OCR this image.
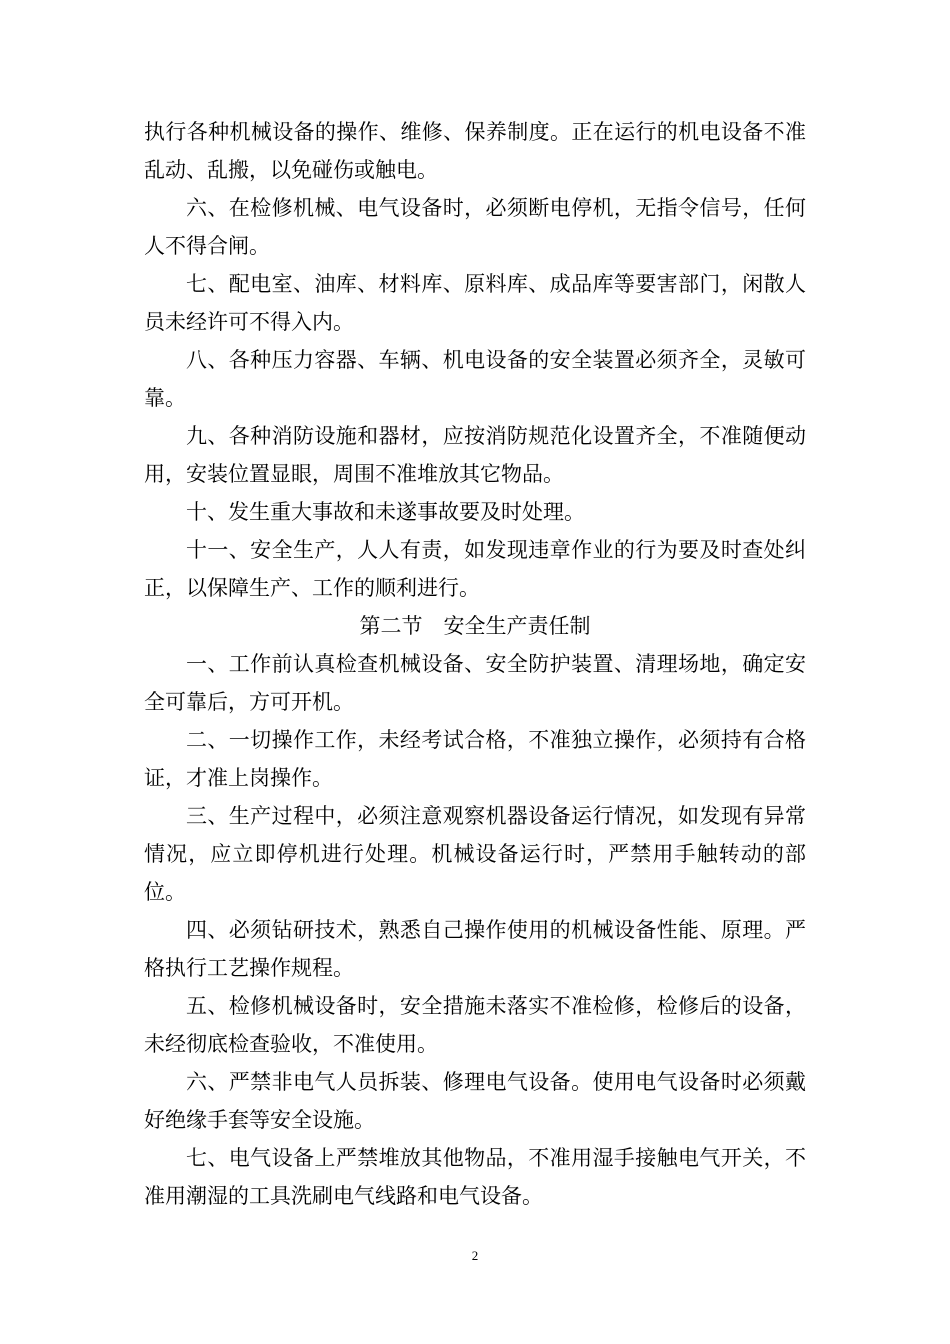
执行各种机械设备的操作、维修、保养制度。正在运行的机电设备不准乱动、乱搬，以免碰伤或触电。

六、在检修机械、电气设备时，必须断电停机，无指令信号，任何人不得合闸。

七、配电室、油库、材料库、原料库、成品库等要害部门，闲散人员未经许可不得入内。

八、各种压力容器、车辆、机电设备的安全装置必须齐全，灵敏可靠。

九、各种消防设施和器材，应按消防规范化设置齐全，不准随便动用，安装位置显眼，周围不准堆放其它物品。

十、发生重大事故和未遂事故要及时处理。

十一、安全生产，人人有责，如发现违章作业的行为要及时查处纠正，以保障生产、工作的顺利进行。

第二节　安全生产责任制

一、工作前认真检查机械设备、安全防护装置、清理场地，确定安全可靠后，方可开机。

二、一切操作工作，未经考试合格，不准独立操作，必须持有合格证，才准上岗操作。

三、生产过程中，必须注意观察机器设备运行情况，如发现有异常情况，应立即停机进行处理。机械设备运行时，严禁用手触转动的部位。

四、必须钻研技术，熟悉自己操作使用的机械设备性能、原理。严格执行工艺操作规程。

五、检修机械设备时，安全措施未落实不准检修，检修后的设备，未经彻底检查验收，不准使用。

六、严禁非电气人员拆装、修理电气设备。使用电气设备时必须戴好绝缘手套等安全设施。

七、电气设备上严禁堆放其他物品，不准用湿手接触电气开关，不准用潮湿的工具洗刷电气线路和电气设备。

2
